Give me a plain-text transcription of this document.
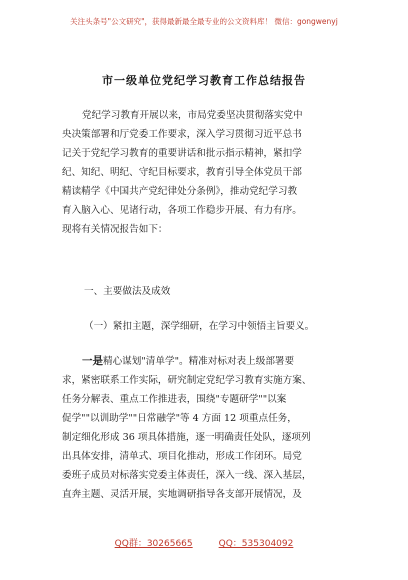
关注头条号"公文研究"，获得最新最全最专业的公文资料库！ 微信：gongwenyj
市一级单位党纪学习教育工作总结报告
党纪学习教育开展以来，市局党委坚决贯彻落实党中
央决策部署和厅党委工作要求，深入学习贯彻习近平总书
记关于党纪学习教育的重要讲话和批示指示精神，紧扣学
纪、知纪、明纪、守纪目标要求，教育引导全体党员干部
精读精学《中国共产党纪律处分条例》，推动党纪学习教
育入脑入心、见诸行动，各项工作稳步开展、有力有序。
现将有关情况报告如下：
一、主要做法及成效
（一）紧扣主题，深学细研，在学习中领悟主旨要义。
一是精心谋划"清单学"。精准对标对表上级部署要
求，紧密联系工作实际，研究制定党纪学习教育实施方案、
任务分解表、重点工作推进表，围绕"专题研学""以案
促学""以训助学""日常融学"等 4 方面 12 项重点任务，
制定细化形成 36 项具体措施，逐一明确责任处队，逐项列
出具体安排，清单式、项目化推动，形成工作闭环。局党
委班子成员对标落实党委主体责任，深入一线、深入基层，
直奔主题、灵活开展，实地调研指导各支部开展情况，及
QQ群：30265665	QQ：535304092
